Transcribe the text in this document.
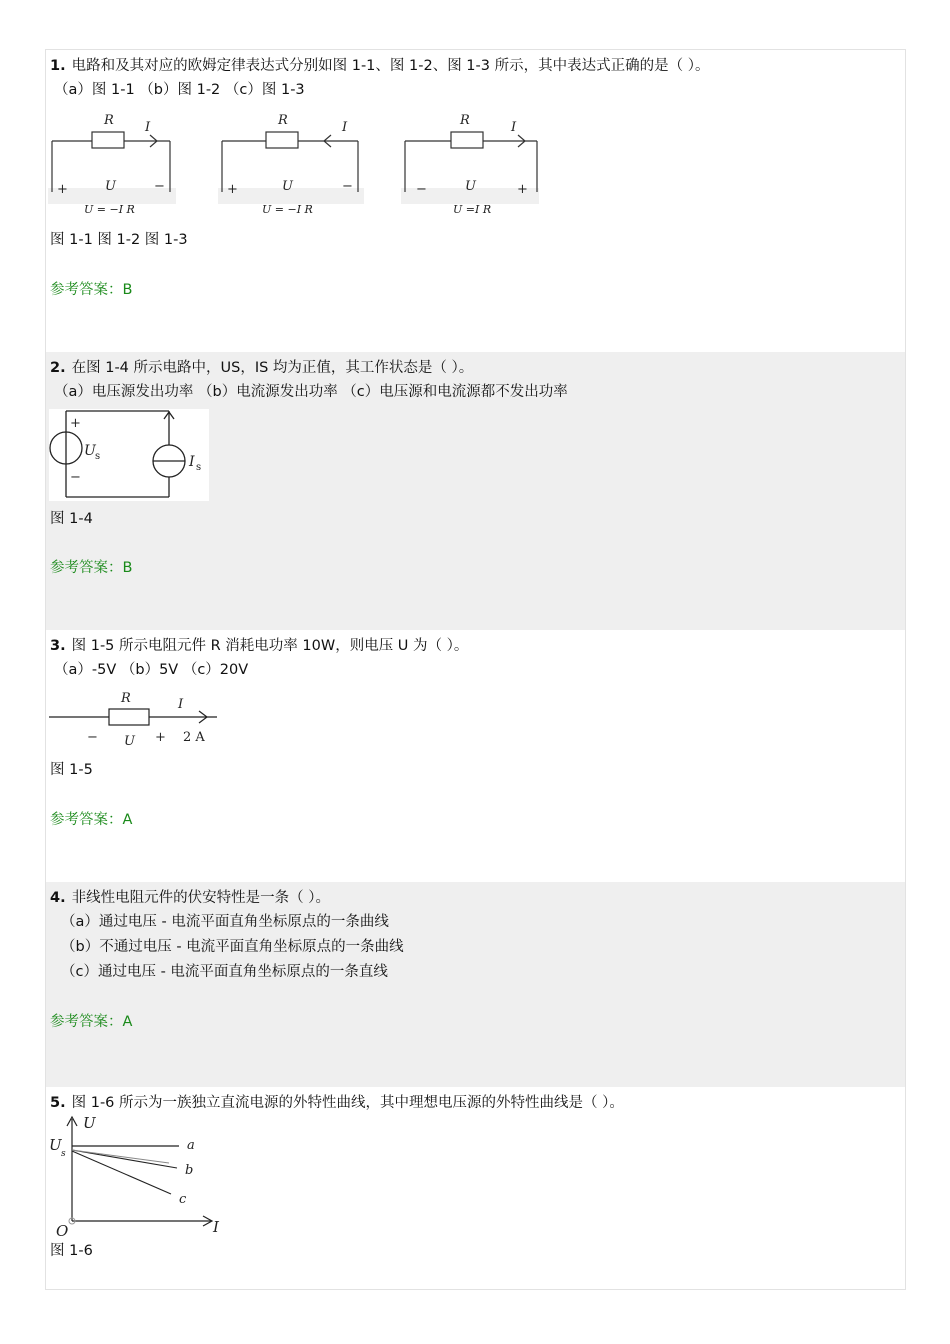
1. 电路和及其对应的欧姆定律表达式分别如图 1-1、图 1-2、图 1-3 所示，其中表达式正确的是（ ）。
（a）图 1-1 （b）图 1-2 （c）图 1-3
R I
+	U	−
U = −I R
R	I
+	U	−
U = −I R
R	I
−	U	+
U =I R
图 1-1 图 1-2 图 1-3
参考答案：B
2. 在图 1-4 所示电路中，US，IS 均为正值，其工作状态是（ ）。
（a）电压源发出功率 （b）电流源发出功率 （c）电压源和电流源都不发出功率
+
−
U s	I s
图 1-4
参考答案：B
3. 图 1-5 所示电阻元件 R 消耗电功率 10W，则电压 U 为（ ）。
（a）-5V （b）5V （c）20V
R	I
− U + 2 A
图 1-5
参考答案：A
4. 非线性电阻元件的伏安特性是一条（ ）。
（a）通过电压 - 电流平面直角坐标原点的一条曲线
（b）不通过电压 - 电流平面直角坐标原点的一条曲线
（c）通过电压 - 电流平面直角坐标原点的一条直线
参考答案：A
5. 图 1-6 所示为一族独立直流电源的外特性曲线，其中理想电压源的外特性曲线是（ ）。
U
U s
O	I
a
b
c
图 1-6
